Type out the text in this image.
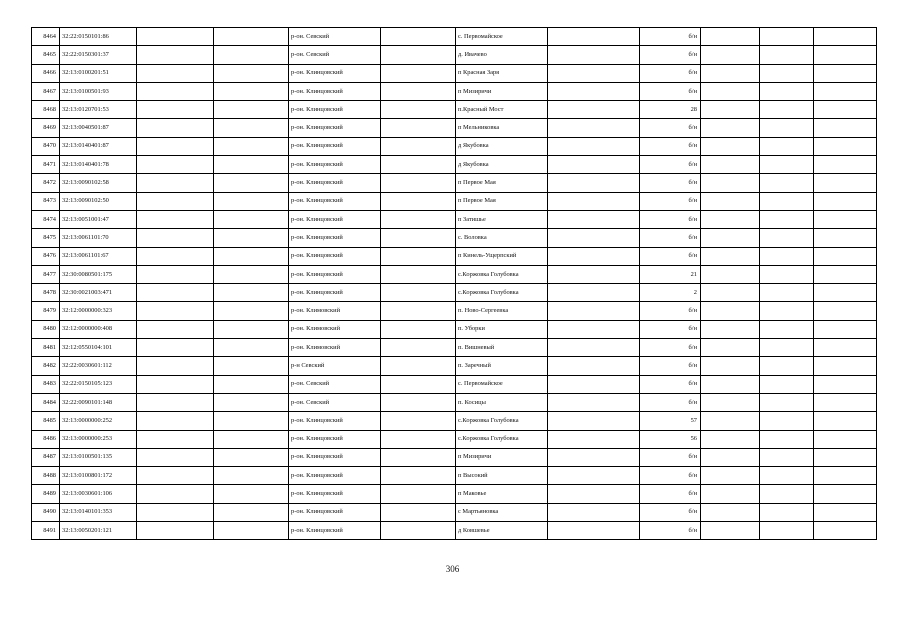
8464	32:22:0150101:86			р-он. Севский		с. Первомайское		б/н			
8465	32:22:0150301:37			р-он. Севский		д. Ивачево		б/н			
8466	32:13:0100201:51			р-он. Клинцовский		п Красная Заря		б/н			
8467	32:13:0100501:93			р-он. Клинцовский		п Мизиричи		б/н			
8468	32:13:0120701:53			р-он. Клинцовский		п.Красный Мост		28			
8469	32:13:0040501:87			р-он. Клинцовский		п Мельниковка		б/н			
8470	32:13:0140401:87			р-он. Клинцовский		д Якубовка		б/н			
8471	32:13:0140401:78			р-он. Клинцовский		д Якубовка		б/н			
8472	32:13:0090102:58			р-он. Клинцовский		п Первое Мая		б/н			
8473	32:13:0090102:50			р-он. Клинцовский		п Первое Мая		б/н			
8474	32:13:0051001:47			р-он. Клинцовский		п Затишье		б/н			
8475	32:13:0061101:70			р-он. Клинцовский		с. Воловка		б/н			
8476	32:13:0061101:67			р-он. Клинцовский		п Кинель-Ущерпский		б/н			
8477	32:30:0080501:175			р-он. Клинцовский		с.Коржовка Голубовка		21			
8478	32:30:0021003:471			р-он. Клинцовский		с.Коржовка Голубовка		2			
8479	32:12:0000000:323			р-он. Климовский		п. Ново-Сергеевка		б/н			
8480	32:12:0000000:408			р-он. Климовский		п. Уборки		б/н			
8481	32:12:0550104:101			р-он. Климовский		п. Вишневый		б/н			
8482	32:22:0030601:112			р-н Севский		п. Заречный		б/н			
8483	32:22:0150105:123			р-он. Севский		с. Первомайское		б/н			
8484	32:22:0090101:148			р-он. Севский		п. Косицы		б/н			
8485	32:13:0000000:252			р-он. Клинцовский		с.Коржовка Голубовка		57			
8486	32:13:0000000:253			р-он. Клинцовский		с.Коржовка Голубовка		56			
8487	32:13:0100501:135			р-он. Клинцовский		п Мизиричи		б/н			
8488	32:13:0100801:172			р-он. Клинцовский		п Высокий		б/н			
8489	32:13:0030601:106			р-он. Клинцовский		п Маковье		б/н			
8490	32:13:0140101:353			р-он. Клинцовский		с Мартьяновка		б/н			
8491	32:13:0050201:121			р-он. Клинцовский		д Ковшевье		б/н			
306
